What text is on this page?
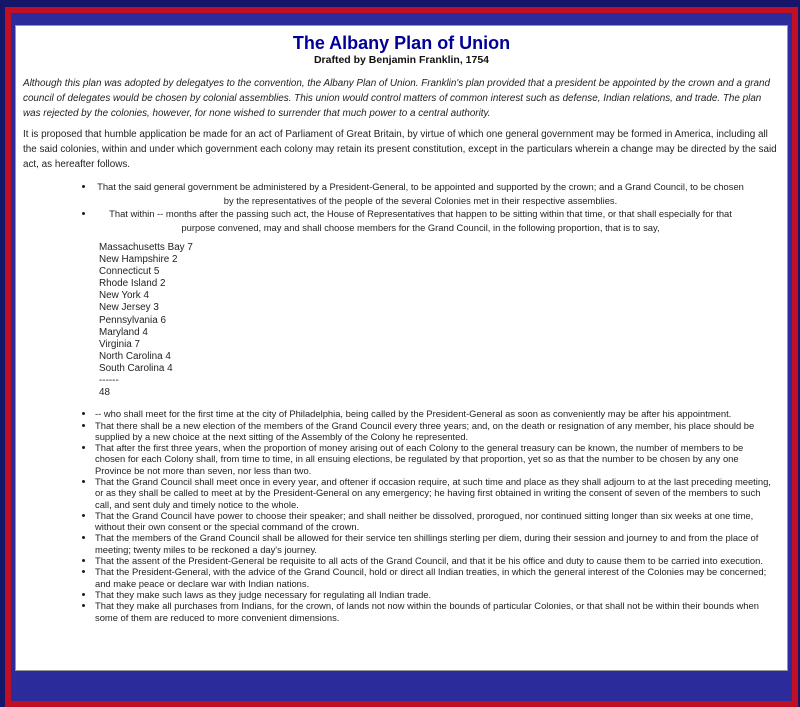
The Albany Plan of Union
Drafted by Benjamin Franklin, 1754

Although this plan was adopted by delegatyes to the convention, the Albany Plan of Union. Franklin's plan provided that a president be appointed by the crown and a grand council of delegates would be chosen by colonial assemblies. This union would control matters of common interest such as defense, Indian relations, and trade. The plan was rejected by the colonies, however, for none wished to surrender that much power to a central authority.

It is proposed that humble application be made for an act of Parliament of Great Britain, by virtue of which one general government may be formed in America, including all the said colonies, within and under which government each colony may retain its present constitution, except in the particulars wherein a change may be directed by the said act, as hereafter follows.

• That the said general government be administered by a President-General, to be appointed and supported by the crown; and a Grand Council, to be chosen by the representatives of the people of the several Colonies met in their respective assemblies.
• That within -- months after the passing such act, the House of Representatives that happen to be sitting within that time, or that shall especially for that purpose convened, may and shall choose members for the Grand Council, in the following proportion, that is to say,
Massachusetts Bay 7
New Hampshire 2
Connecticut 5
Rhode Island 2
New York 4
New Jersey 3
Pennsylvania 6
Maryland 4
Virginia 7
North Carolina 4
South Carolina 4
------
48
• -- who shall meet for the first time at the city of Philadelphia, being called by the President-General as soon as conveniently may be after his appointment.
• That there shall be a new election of the members of the Grand Council every three years; and, on the death or resignation of any member, his place should be supplied by a new choice at the next sitting of the Assembly of the Colony he represented.
• That after the first three years, when the proportion of money arising out of each Colony to the general treasury can be known, the number of members to be chosen for each Colony shall, from time to time, in all ensuing elections, be regulated by that proportion, yet so as that the number to be chosen by any one Province be not more than seven, nor less than two.
• That the Grand Council shall meet once in every year, and oftener if occasion require, at such time and place as they shall adjourn to at the last preceding meeting, or as they shall be called to meet at by the President-General on any emergency; he having first obtained in writing the consent of seven of the members to such call, and sent duly and timely notice to the whole.
• That the Grand Council have power to choose their speaker; and shall neither be dissolved, prorogued, nor continued sitting longer than six weeks at one time, without their own consent or the special command of the crown.
• That the members of the Grand Council shall be allowed for their service ten shillings sterling per diem, during their session and journey to and from the place of meeting; twenty miles to be reckoned a day's journey.
• That the assent of the President-General be requisite to all acts of the Grand Council, and that it be his office and duty to cause them to be carried into execution.
• That the President-General, with the advice of the Grand Council, hold or direct all Indian treaties, in which the general interest of the Colonies may be concerned; and make peace or declare war with Indian nations.
• That they make such laws as they judge necessary for regulating all Indian trade.
• That they make all purchases from Indians, for the crown, of lands not now within the bounds of particular Colonies, or that shall not be within their bounds when some of them are reduced to more convenient dimensions.
